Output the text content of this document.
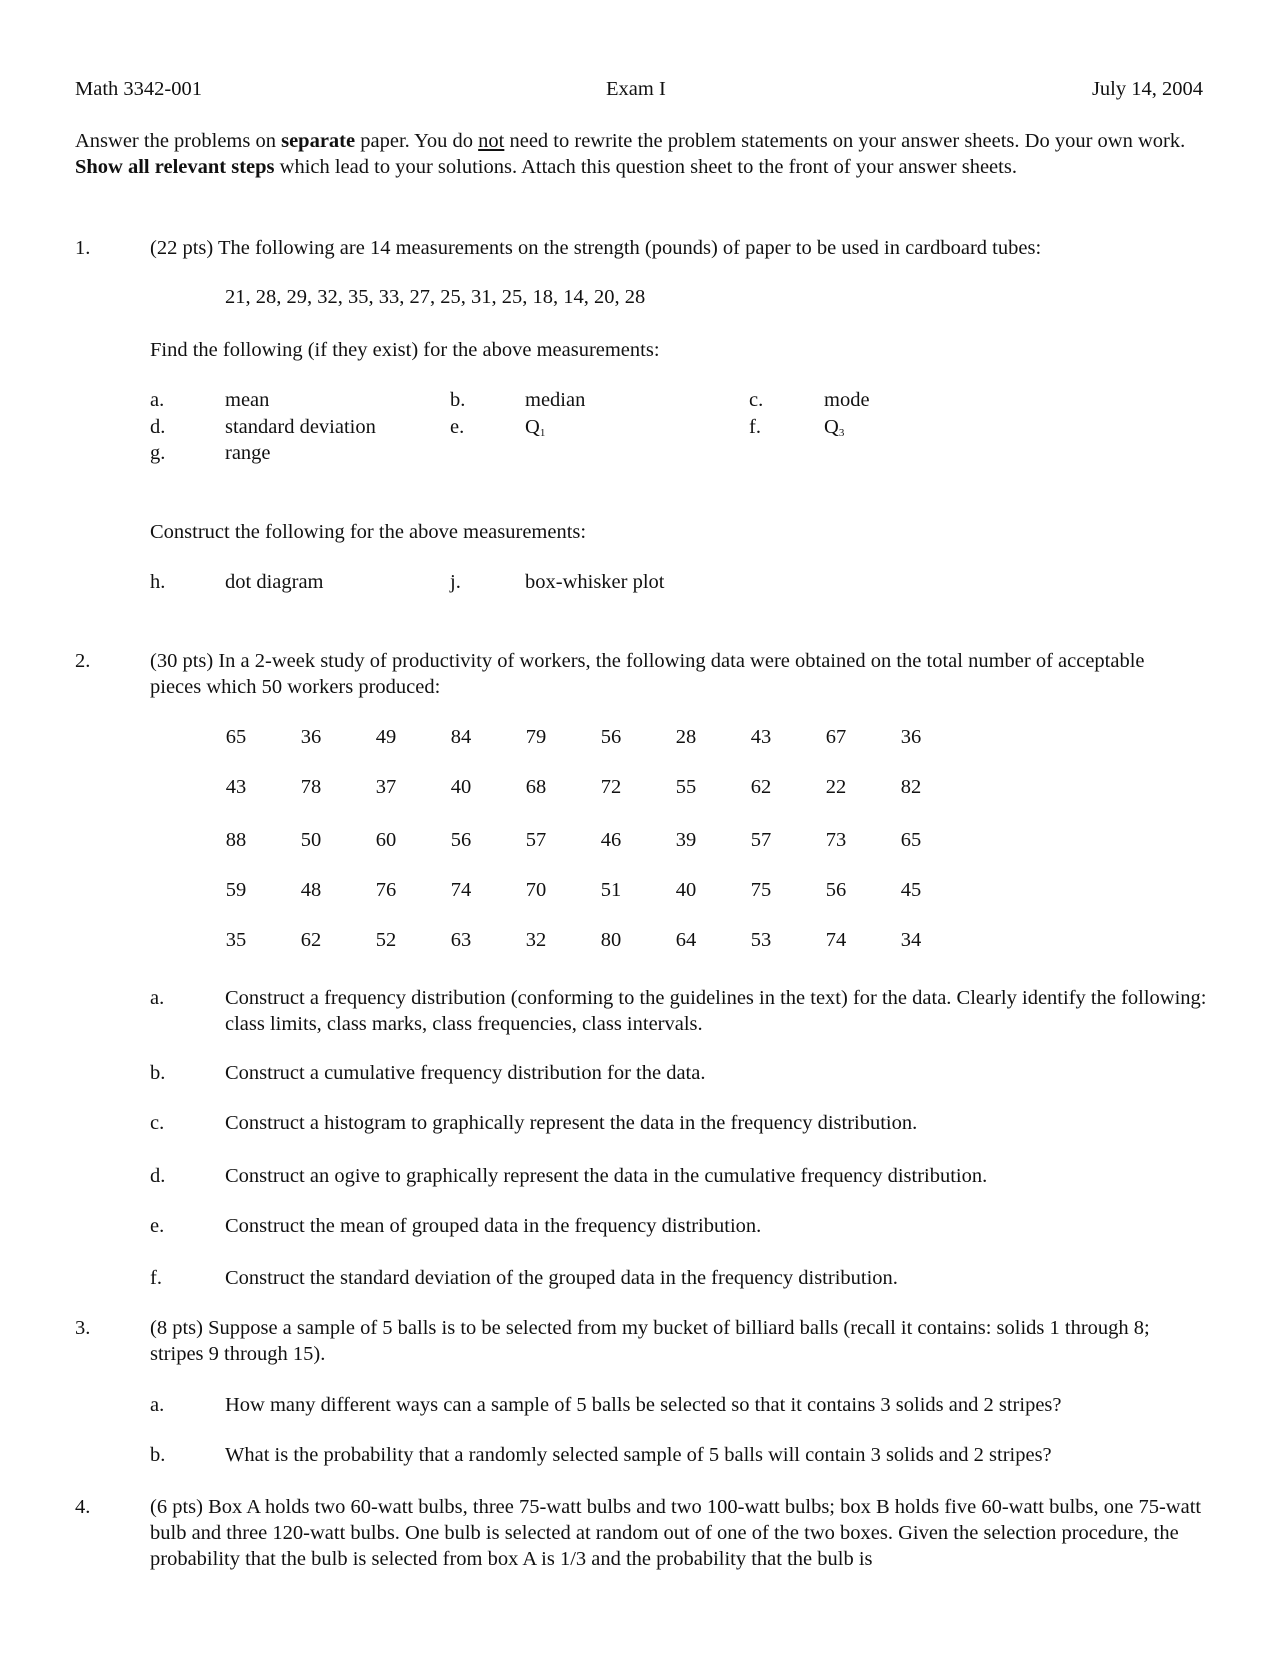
Math 3342-001	Exam I	July 14, 2004
Answer the problems on separate paper. You do not need to rewrite the problem statements on your answer sheets. Do your own work. Show all relevant steps which lead to your solutions. Attach this question sheet to the front of your answer sheets.
1.	(22 pts) The following are 14 measurements on the strength (pounds) of paper to be used in cardboard tubes:
21, 28, 29, 32, 35, 33, 27, 25, 31, 25, 18, 14, 20, 28
Find the following (if they exist) for the above measurements:
a.	mean	b.	median	c.	mode
d.	standard deviation	e.	$Q_1$	f.	$Q_3$
g.	range
Construct the following for the above measurements:
h.	dot diagram	j.	box-whisker plot
2.	(30 pts) In a 2-week study of productivity of workers, the following data were obtained on the total number of acceptable pieces which 50 workers produced:
65	36	49	84	79	56	28	43	67	36
43	78	37	40	68	72	55	62	22	82
88	50	60	56	57	46	39	57	73	65
59	48	76	74	70	51	40	75	56	45
35	62	52	63	32	80	64	53	74	34
a.	Construct a frequency distribution (conforming to the guidelines in the text) for the data. Clearly identify the following: class limits, class marks, class frequencies, class intervals.
b.	Construct a cumulative frequency distribution for the data.
c.	Construct a histogram to graphically represent the data in the frequency distribution.
d.	Construct an ogive to graphically represent the data in the cumulative frequency distribution.
e.	Construct the mean of grouped data in the frequency distribution.
f.	Construct the standard deviation of the grouped data in the frequency distribution.
3.	(8 pts) Suppose a sample of 5 balls is to be selected from my bucket of billiard balls (recall it contains: solids 1 through 8; stripes 9 through 15).
a.	How many different ways can a sample of 5 balls be selected so that it contains 3 solids and 2 stripes?
b.	What is the probability that a randomly selected sample of 5 balls will contain 3 solids and 2 stripes?
4.	(6 pts) Box A holds two 60-watt bulbs, three 75-watt bulbs and two 100-watt bulbs; box B holds five 60-watt bulbs, one 75-watt bulb and three 120-watt bulbs. One bulb is selected at random out of one of the two boxes. Given the selection procedure, the probability that the bulb is selected from box A is 1/3 and the probability that the bulb is
